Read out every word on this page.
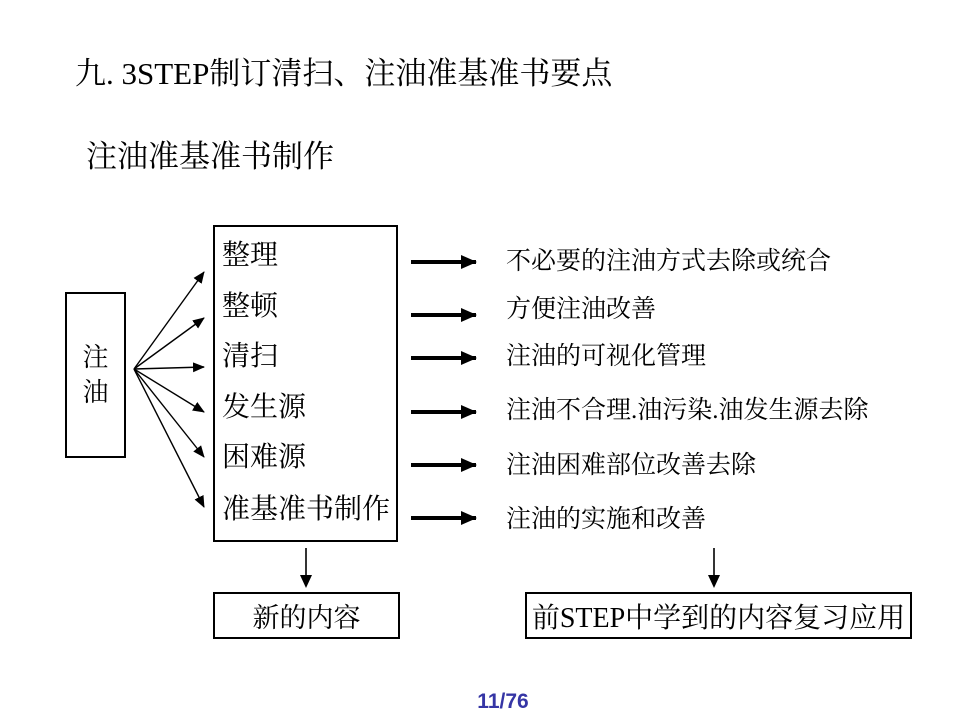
九. 3STEP制订清扫、注油准基准书要点
注油准基准书制作
注油
整理
整顿
清扫
发生源
困难源
准基准书制作
不必要的注油方式去除或统合
方便注油改善
注油的可视化管理
注油不合理.油污染.油发生源去除
注油困难部位改善去除
注油的实施和改善
新的内容	前STEP中学到的内容复习应用
11/76
